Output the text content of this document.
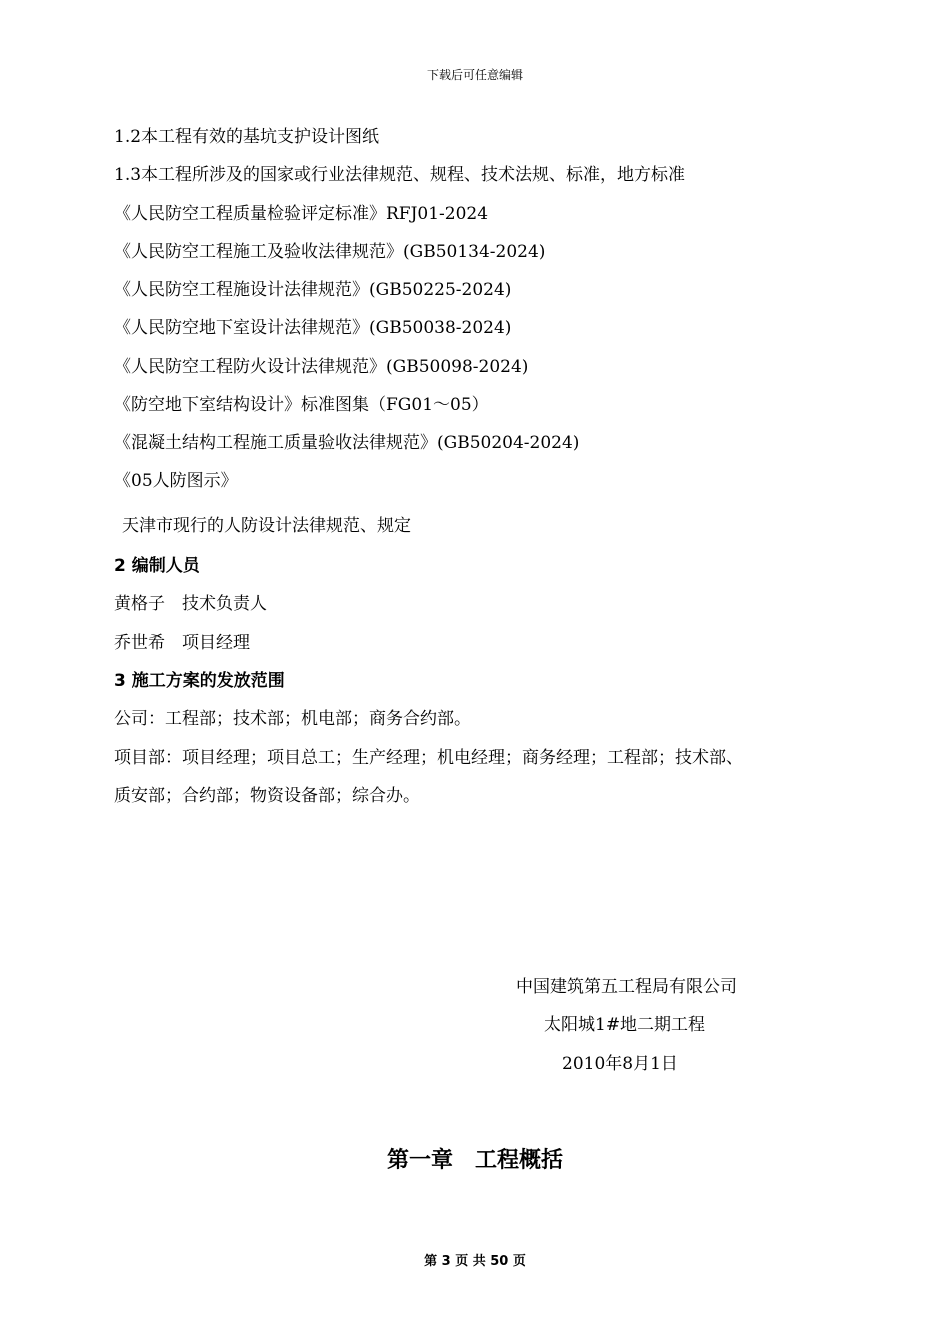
下载后可任意编辑
1.2本工程有效的基坑支护设计图纸
1.3本工程所涉及的国家或行业法律规范、规程、技术法规、标准，地方标准
《人民防空工程质量检验评定标准》RFJ01-2024
《人民防空工程施工及验收法律规范》(GB50134-2024)
《人民防空工程施设计法律规范》(GB50225-2024)
《人民防空地下室设计法律规范》(GB50038-2024)
《人民防空工程防火设计法律规范》(GB50098-2024)
《防空地下室结构设计》标准图集（FG01～05）
《混凝土结构工程施工质量验收法律规范》(GB50204-2024)
《05人防图示》
天津市现行的人防设计法律规范、规定
2 编制人员
黄格子　技术负责人
乔世希　项目经理
3 施工方案的发放范围
公司：工程部；技术部；机电部；商务合约部。
项目部：项目经理；项目总工；生产经理；机电经理；商务经理；工程部；技术部、
质安部；合约部；物资设备部；综合办。
中国建筑第五工程局有限公司
太阳城1#地二期工程
2010年8月1日
第一章　工程概括
第 3 页 共 50 页
